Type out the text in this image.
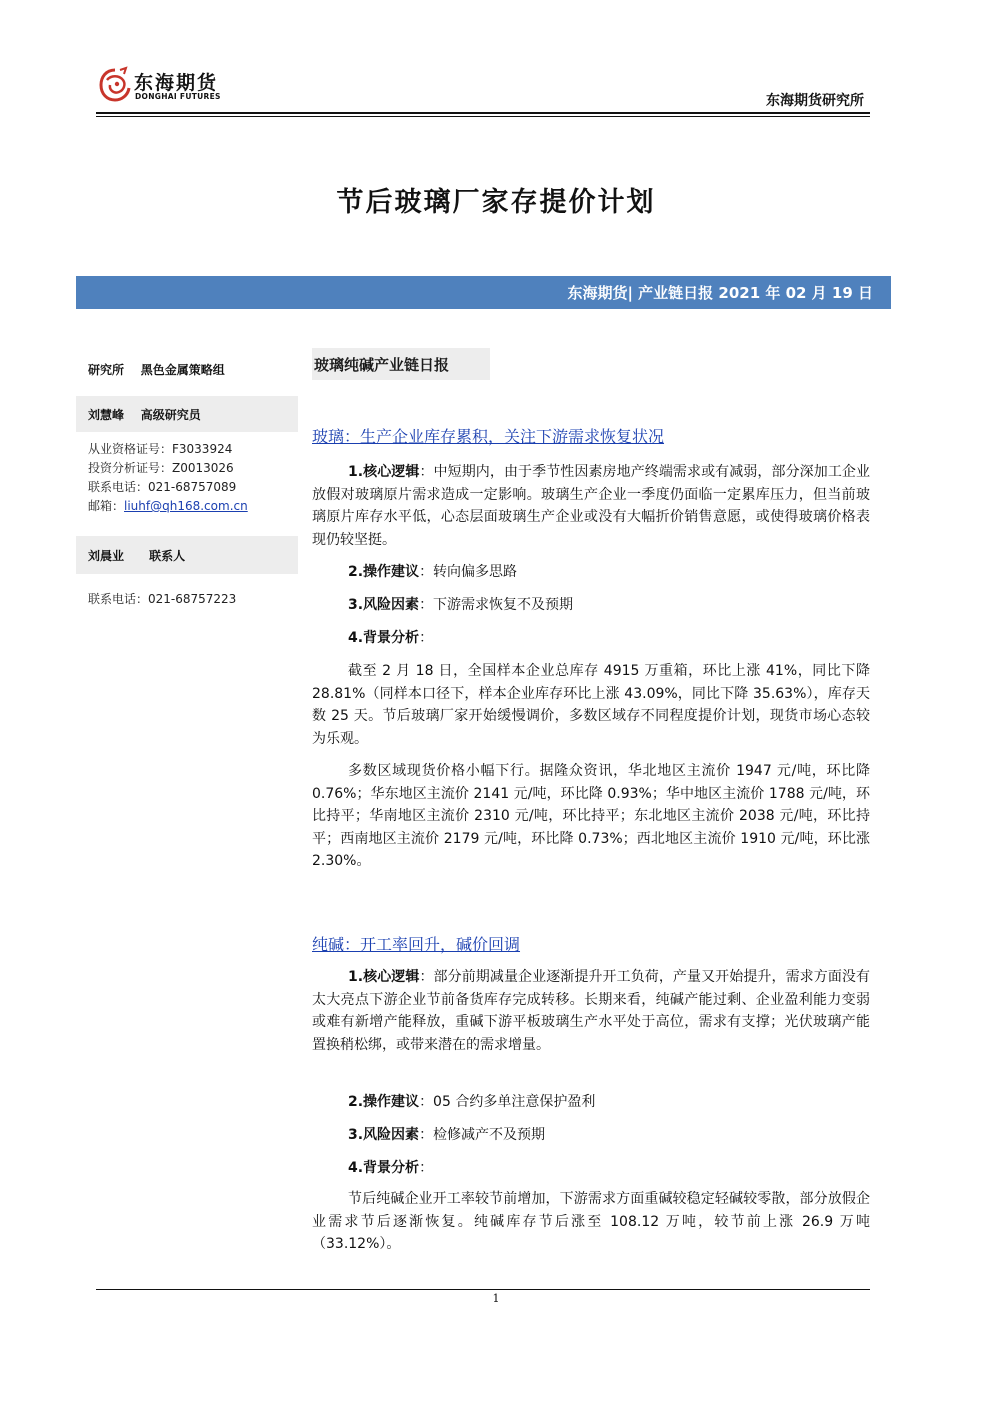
东海期货
DONGHAI FUTURES	东海期货研究所
节后玻璃厂家存提价计划
东海期货| 产业链日报 2021 年 02 月 19 日
研究所    黑色金属策略组
刘慧峰    高级研究员
从业资格证号：F3033924
投资分析证号：Z0013026
联系电话：021-68757089
邮箱：liuhf@qh168.com.cn
刘晨业      联系人
联系电话：021-68757223
玻璃纯碱产业链日报
玻璃：生产企业库存累积，关注下游需求恢复状况

1.核心逻辑：中短期内，由于季节性因素房地产终端需求或有减弱，部分深加工企业放假对玻璃原片需求造成一定影响。玻璃生产企业一季度仍面临一定累库压力，但当前玻璃原片库存水平低，心态层面玻璃生产企业或没有大幅折价销售意愿，或使得玻璃价格表现仍较坚挺。

2.操作建议：转向偏多思路

3.风险因素：下游需求恢复不及预期

4.背景分析：

截至 2 月 18 日，全国样本企业总库存 4915 万重箱，环比上涨 41%，同比下降 28.81%（同样本口径下，样本企业库存环比上涨 43.09%，同比下降 35.63%），库存天数 25 天。节后玻璃厂家开始缓慢调价，多数区域存不同程度提价计划，现货市场心态较为乐观。

多数区域现货价格小幅下行。据隆众资讯，华北地区主流价 1947 元/吨，环比降 0.76%；华东地区主流价 2141 元/吨，环比降 0.93%；华中地区主流价 1788 元/吨，环比持平；华南地区主流价 2310 元/吨，环比持平；东北地区主流价 2038 元/吨，环比持平；西南地区主流价 2179 元/吨，环比降 0.73%；西北地区主流价 1910 元/吨，环比涨 2.30%。

纯碱：开工率回升，碱价回调

1.核心逻辑：部分前期减量企业逐渐提升开工负荷，产量又开始提升，需求方面没有太大亮点下游企业节前备货库存完成转移。长期来看，纯碱产能过剩、企业盈利能力变弱或难有新增产能释放，重碱下游平板玻璃生产水平处于高位，需求有支撑；光伏玻璃产能置换稍松绑，或带来潜在的需求增量。

2.操作建议：05 合约多单注意保护盈利

3.风险因素：检修减产不及预期

4.背景分析：

节后纯碱企业开工率较节前增加，下游需求方面重碱较稳定轻碱较零散，部分放假企业需求节后逐渐恢复。纯碱库存节后涨至 108.12 万吨，较节前上涨 26.9 万吨（33.12%）。

1
